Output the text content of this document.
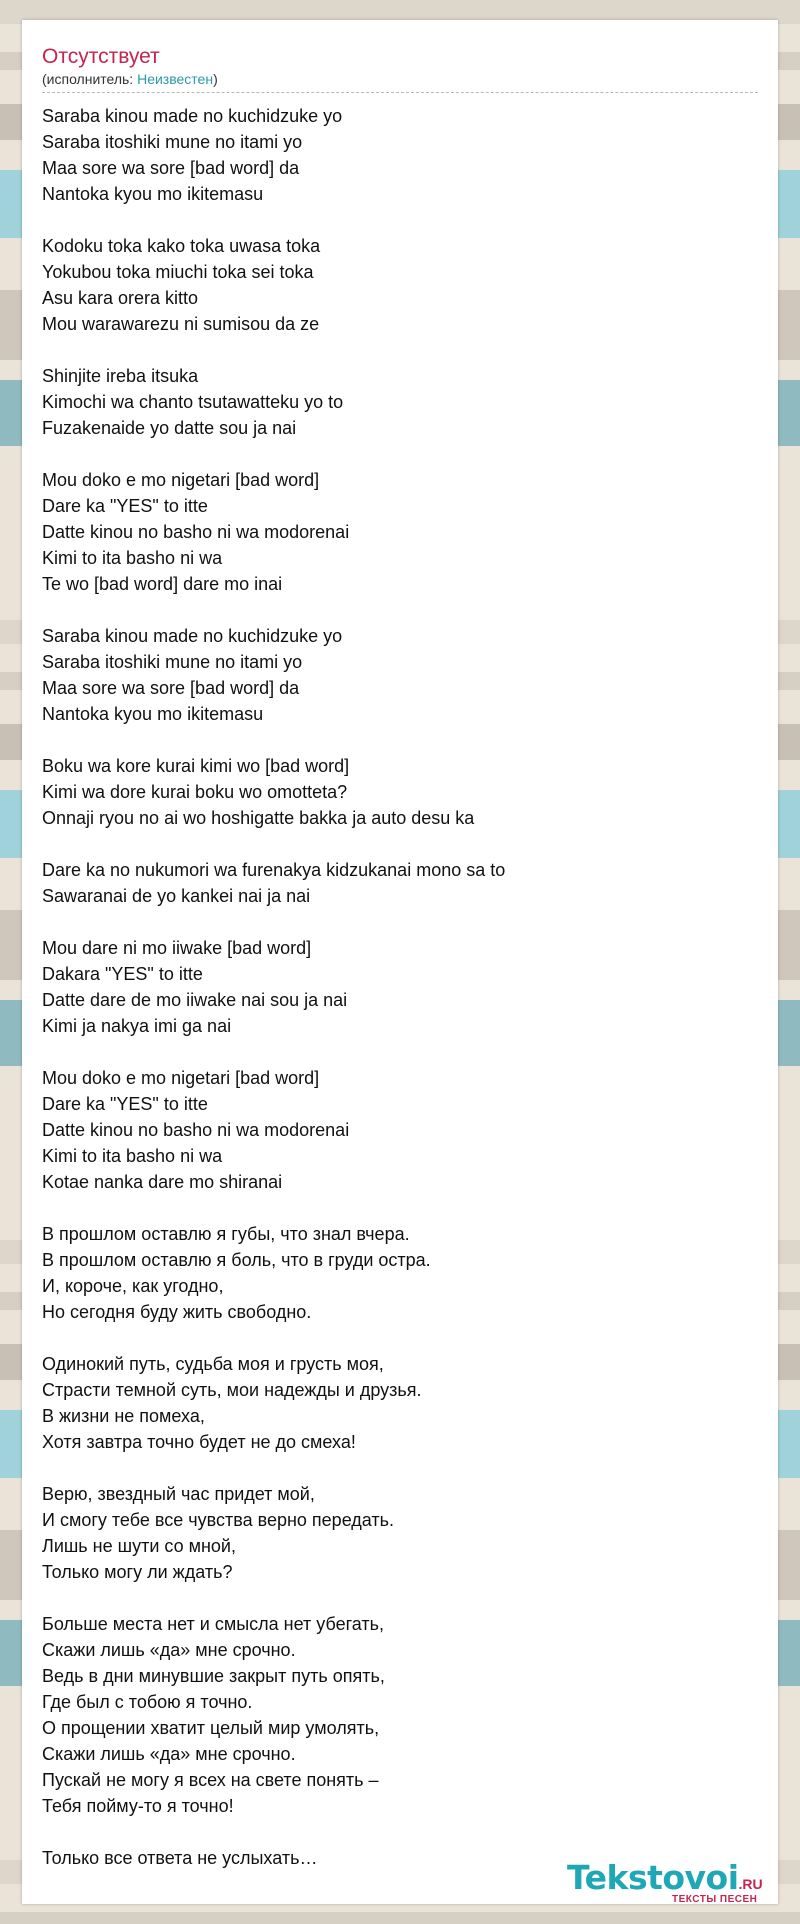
Отсутствует
(исполнитель: Неизвестен)
Saraba kinou made no kuchidzuke yo
Saraba itoshiki mune no itami yo
Maa sore wa sore [bad word] da
Nantoka kyou mo ikitemasu
Kodoku toka kako toka uwasa toka
Yokubou toka miuchi toka sei toka
Asu kara orera kitto
Mou warawarezu ni sumisou da ze
Shinjite ireba itsuka
Kimochi wa chanto tsutawatteku yo to
Fuzakenaide yo datte sou ja nai
Mou doko e mo nigetari [bad word]
Dare ka "YES" to itte
Datte kinou no basho ni wa modorenai
Kimi to ita basho ni wa
Te wo [bad word] dare mo inai
Saraba kinou made no kuchidzuke yo
Saraba itoshiki mune no itami yo
Maa sore wa sore [bad word] da
Nantoka kyou mo ikitemasu
Boku wa kore kurai kimi wo [bad word]
Kimi wa dore kurai boku wo omotteta?
Onnaji ryou no ai wo hoshigatte bakka ja auto desu ka
Dare ka no nukumori wa furenakya kidzukanai mono sa to
Sawaranai de yo kankei nai ja nai
Mou dare ni mo iiwake [bad word]
Dakara "YES" to itte
Datte dare de mo iiwake nai sou ja nai
Kimi ja nakya imi ga nai
Mou doko e mo nigetari [bad word]
Dare ka "YES" to itte
Datte kinou no basho ni wa modorenai
Kimi to ita basho ni wa
Kotae nanka dare mo shiranai
В прошлом оставлю я губы, что знал вчера.
В прошлом оставлю я боль, что в груди остра.
И, короче, как угодно,
Но сегодня буду жить свободно.
Одинокий путь, судьба моя и грусть моя,
Страсти темной суть, мои надежды и друзья.
В жизни не помеха,
Хотя завтра точно будет не до смеха!
Верю, звездный час придет мой,
И смогу тебе все чувства верно передать.
Лишь не шути со мной,
Только могу ли ждать?
Больше места нет и смысла нет убегать,
Скажи лишь «да» мне срочно.
Ведь в дни минувшие закрыт путь опять,
Где был с тобою я точно.
О прощении хватит целый мир умолять,
Скажи лишь «да» мне срочно.
Пускай не могу я всех на свете понять –
Тебя пойму-то я точно!
Только все ответа не услыхать…	Tekstovoi.RU
ТЕКСТЫ ПЕСЕН
